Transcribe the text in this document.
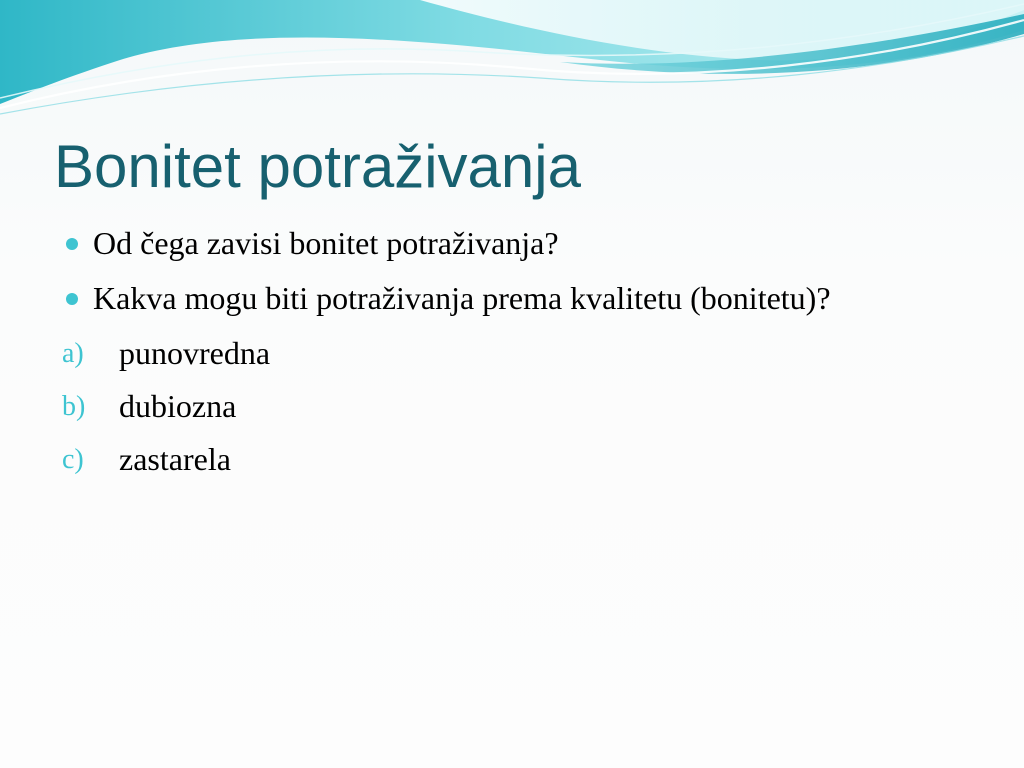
Bonitet potraživanja
Od čega zavisi bonitet potraživanja?
Kakva mogu biti potraživanja prema kvalitetu (bonitetu)?
a) punovredna
b) dubiozna
c) zastarela
